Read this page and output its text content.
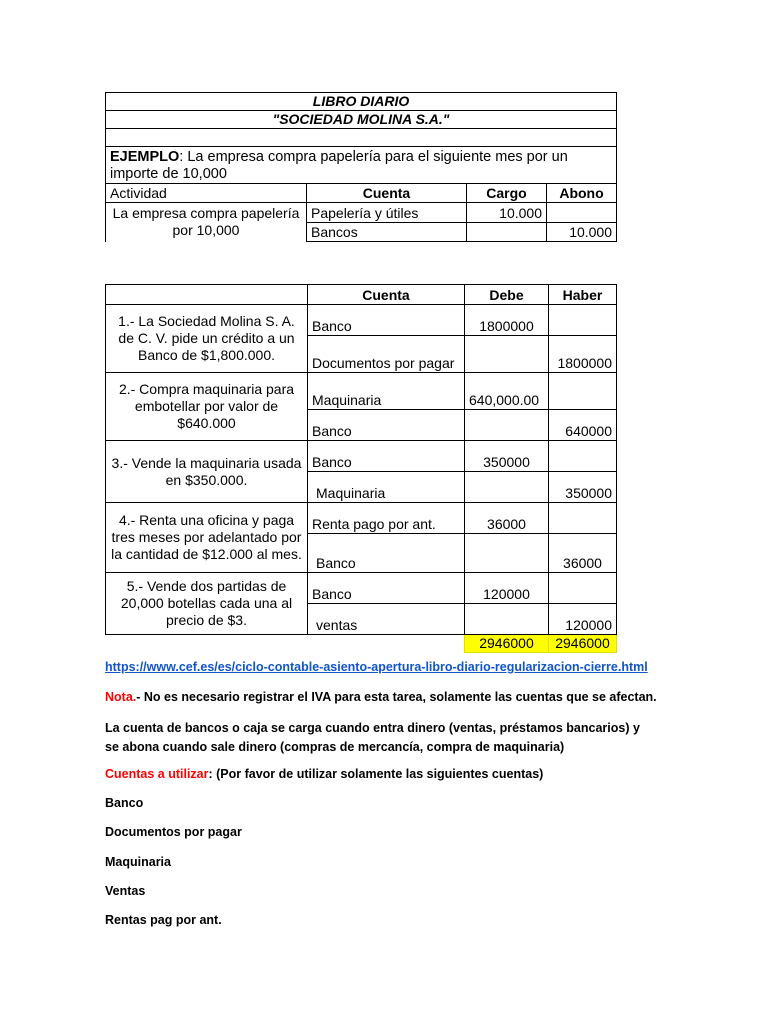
LIBRO DIARIO			
"SOCIEDAD MOLINA S.A."			

EJEMPLO: La empresa compra papelería para el siguiente mes por un importe de 10,000			
Actividad	Cuenta	Cargo	Abono
La empresa compra papelería por 10,000	Papelería y útiles	10.000	
	Bancos		10.000
	Cuenta	Debe	Haber
1.- La Sociedad Molina S. A. de C. V. pide un crédito a un Banco de $1,800.000.	Banco	1800000	
	Documentos por pagar		1800000
2.- Compra maquinaria para embotellar por valor de $640.000	Maquinaria	640,000.00	
	Banco		640000
3.- Vende la maquinaria usada en $350.000.	Banco	350000	
	Maquinaria		350000
4.- Renta una oficina y paga tres meses por adelantado por la cantidad de $12.000 al mes.	Renta pago por ant.	36000	
	Banco		36000
5.- Vende dos partidas de 20,000 botellas cada una al precio de $3.	Banco	120000	
	ventas		120000
		2946000	2946000
https://www.cef.es/es/ciclo-contable-asiento-apertura-libro-diario-regularizacion-cierre.html
Nota.- No es necesario registrar el IVA para esta tarea, solamente las cuentas que se afectan.
La cuenta de bancos o caja se carga cuando entra dinero (ventas, préstamos bancarios) y se abona cuando sale dinero (compras de mercancía, compra de maquinaria)
Cuentas a utilizar: (Por favor de utilizar solamente las siguientes cuentas)
Banco
Documentos por pagar
Maquinaria
Ventas
Rentas pag por ant.
